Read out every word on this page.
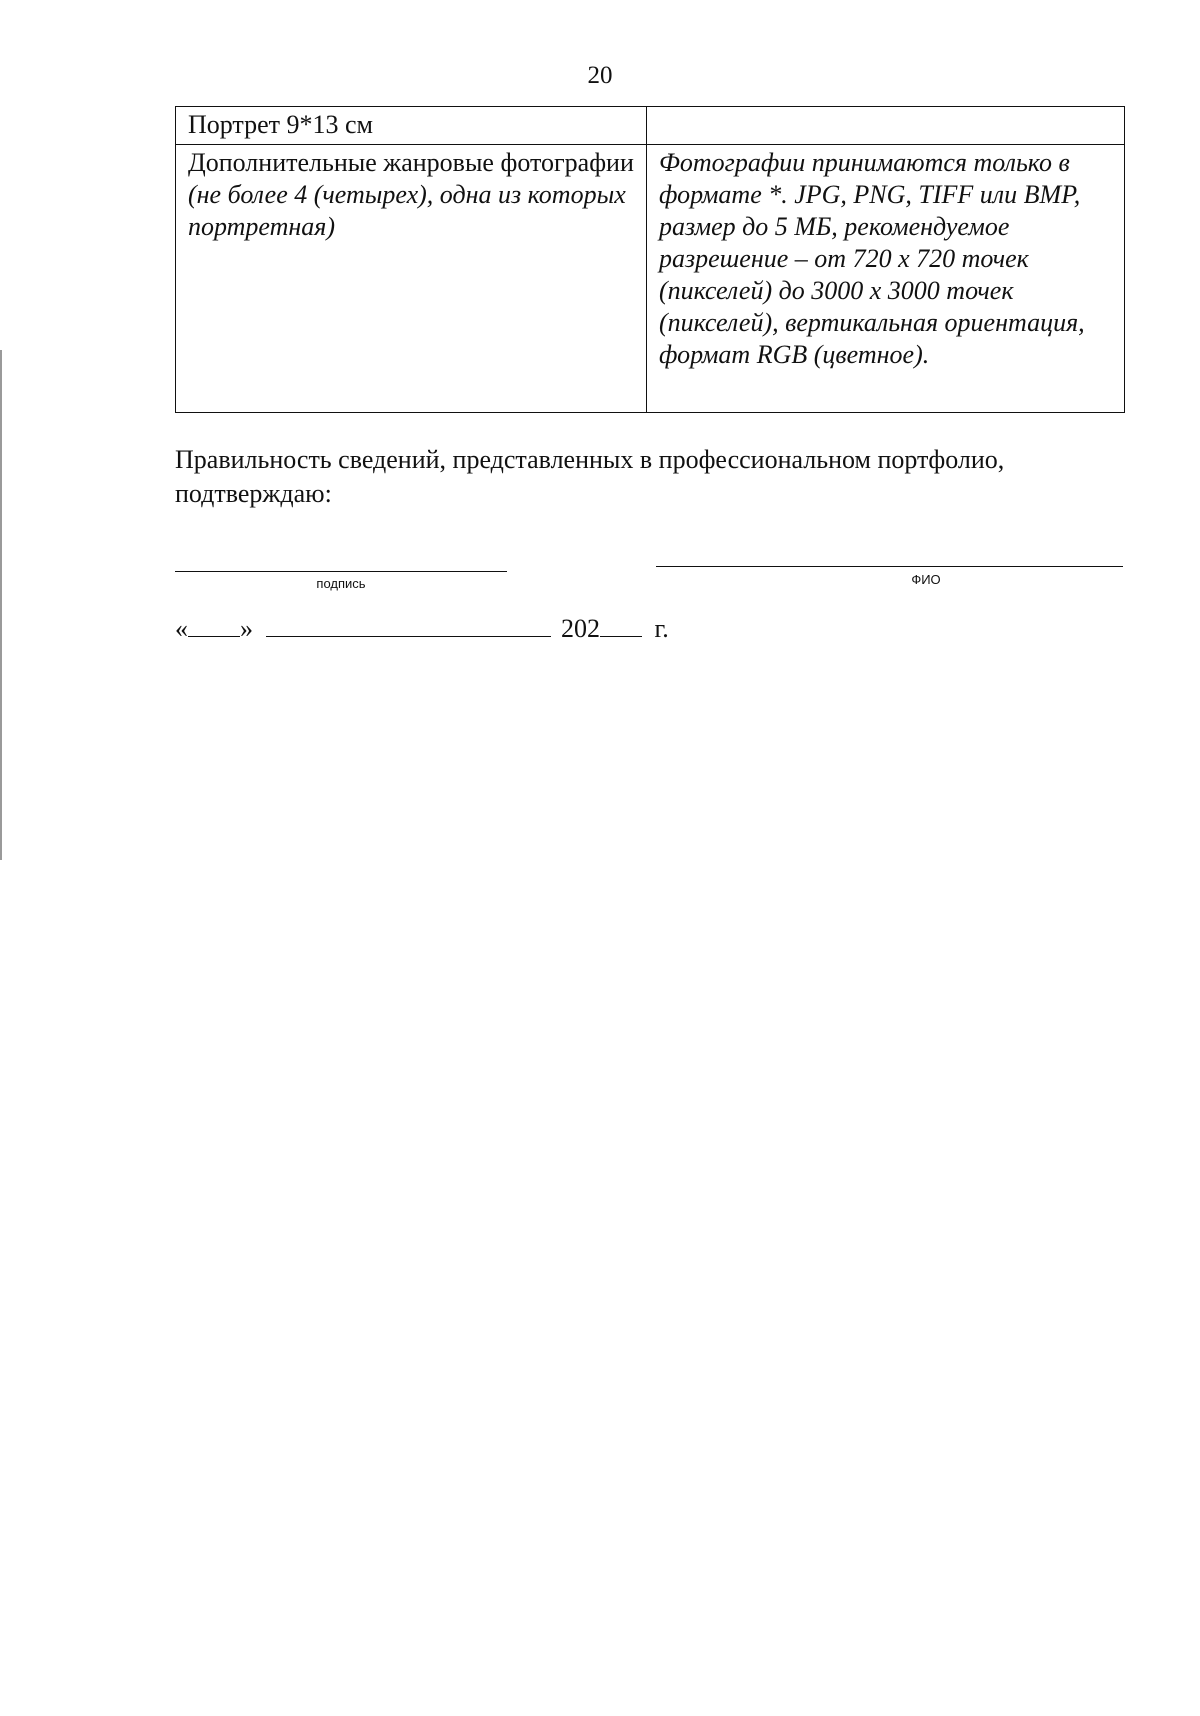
20
Портрет 9*13 см	
Дополнительные жанровые фотографии (не более 4 (четырех), одна из которых портретная)	Фотографии принимаются только в формате *. JPG, PNG, TIFF или BMP, размер до 5 МБ, рекомендуемое разрешение – от 720 х 720 точек (пикселей) до 3000 х 3000 точек (пикселей), вертикальная ориентация, формат RGB (цветное).
Правильность сведений, представленных в профессиональном портфолио, подтверждаю:
подпись	ФИО
« »	202 г.
